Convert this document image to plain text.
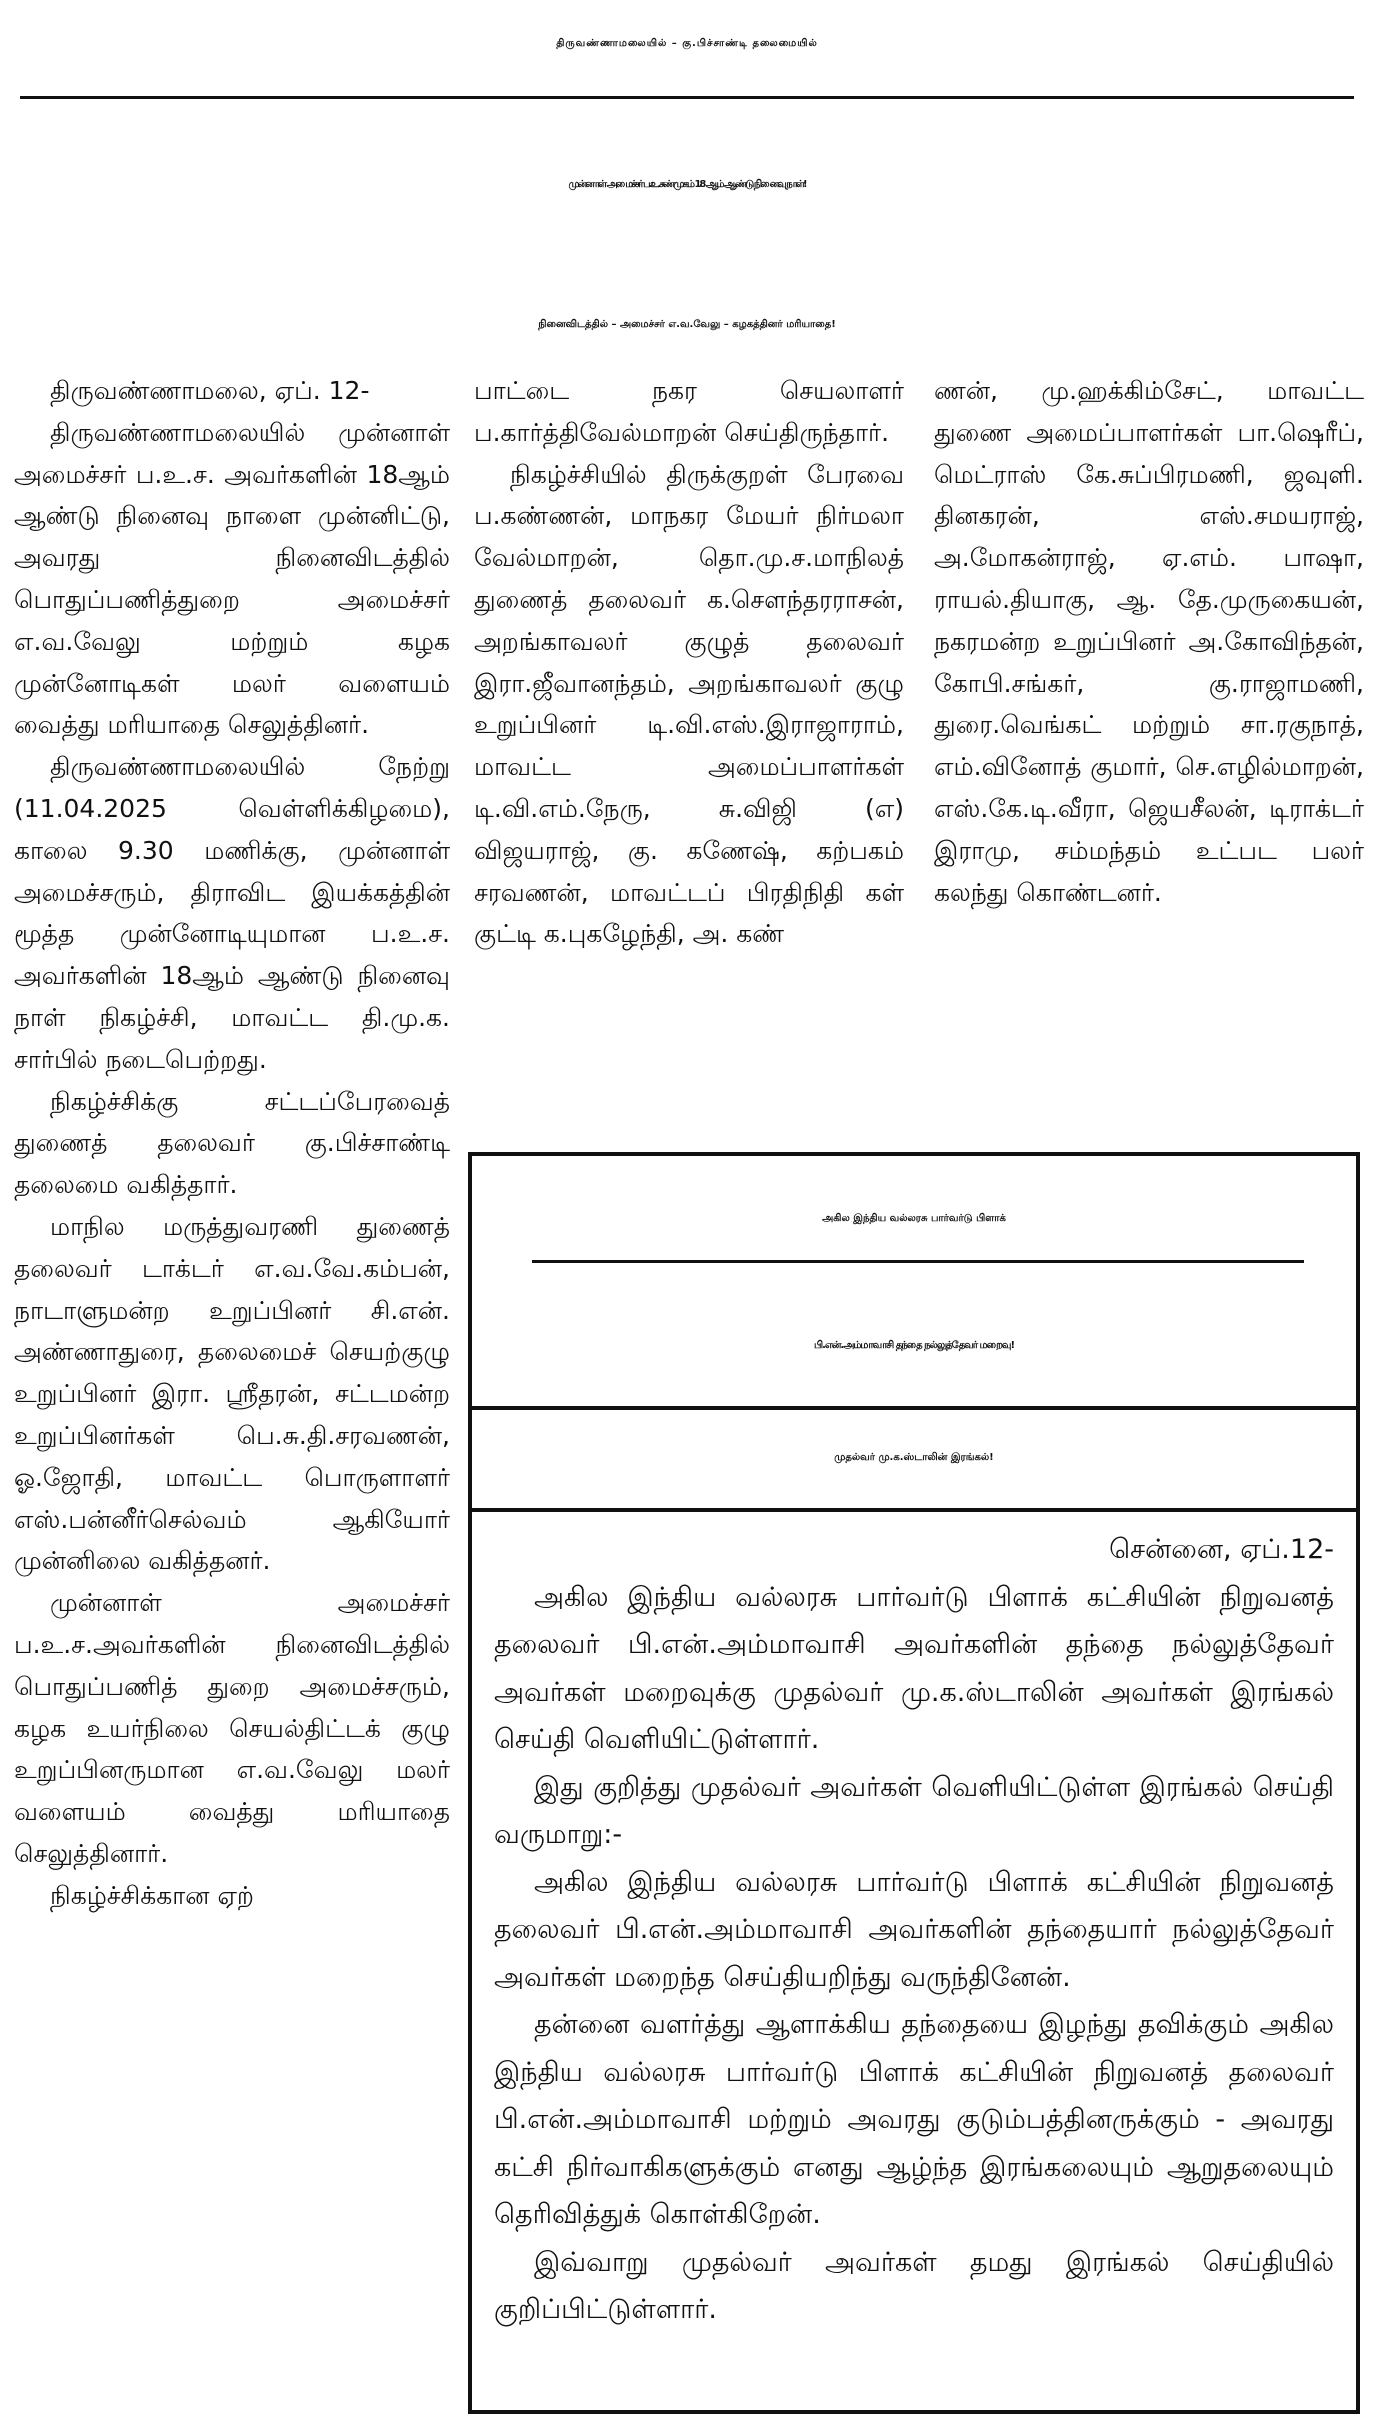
திருவண்ணாமலையில் – கு.பிச்சாண்டி தலைமையில்
முன்னாள் அமைச்சர் ப.உ.சண்முகம் 18 ஆம் ஆண்டு நினைவு நாள்!
நினைவிடத்தில் – அமைச்சர் எ.வ.வேலு – கழகத்தினர் மரியாதை!

திருவண்ணாமலை, ஏப். 12-

திருவண்ணாமலையில் முன்னாள் அமைச்சர் ப.உ.ச. அவர்களின் 18ஆம் ஆண்டு நினைவு நாளை முன்னிட்டு, அவரது நினைவிடத்தில் பொதுப்பணித்துறை அமைச்சர் எ.வ.வேலு மற்றும் கழக முன்னோடிகள் மலர் வளையம் வைத்து மரியாதை செலுத்தினர்.

திருவண்ணாமலையில் நேற்று (11.04.2025 வெள்ளிக்கிழமை), காலை 9.30 மணிக்கு, முன்னாள் அமைச்சரும், திராவிட இயக்கத்தின் மூத்த முன்னோடியுமான ப.உ.ச. அவர்களின் 18ஆம் ஆண்டு நினைவு நாள் நிகழ்ச்சி, மாவட்ட தி.மு.க. சார்பில் நடைபெற்றது.

நிகழ்ச்சிக்கு சட்டப்பேரவைத் துணைத் தலைவர் கு.பிச்சாண்டி தலைமை வகித்தார்.

மாநில மருத்துவரணி துணைத் தலைவர் டாக்டர் எ.வ.வே.கம்பன், நாடாளுமன்ற உறுப்பினர் சி.என். அண்ணாதுரை, தலைமைச் செயற்குழு உறுப்பினர் இரா. ஸ்ரீதரன், சட்டமன்ற உறுப்பினர்கள் பெ.சு.தி.சரவணன், ஓ.ஜோதி, மாவட்ட பொருளாளர் எஸ்.பன்னீர்செல்வம் ஆகியோர் முன்னிலை வகித்தனர்.

முன்னாள் அமைச்சர் ப.உ.ச.அவர்களின் நினைவிடத்தில் பொதுப்பணித் துறை அமைச்சரும், கழக உயர்நிலை செயல்திட்டக் குழு உறுப்பினருமான எ.வ.வேலு மலர் வளையம் வைத்து மரியாதை செலுத்தினார்.

நிகழ்ச்சிக்கான ஏற்

பாட்டை நகர செயலாளர் ப.கார்த்திவேல்மாறன் செய்திருந்தார்.

நிகழ்ச்சியில் திருக்குறள் பேரவை ப.கண்ணன், மாநகர மேயர் நிர்மலா வேல்மாறன், தொ.மு.ச.மாநிலத் துணைத் தலைவர் க.சௌந்தரராசன், அறங்காவலர் குழுத் தலைவர் இரா.ஜீவானந்தம், அறங்காவலர் குழு உறுப்பினர் டி.வி.எஸ்.இராஜாராம், மாவட்ட அமைப்பாளர்கள் டி.வி.எம்.நேரு, சு.விஜி (எ) விஜயராஜ், கு. கணேஷ், கற்பகம் சரவணன், மாவட்டப் பிரதிநிதி கள் குட்டி க.புகழேந்தி, அ. கண்

ணன், மு.ஹக்கிம்சேட், மாவட்ட துணை அமைப்பாளர்கள் பா.ஷெரீப், மெட்ராஸ் கே.சுப்பிரமணி, ஜவுளி. தினகரன், எஸ்.சமயராஜ், அ.மோகன்ராஜ், ஏ.எம். பாஷா, ராயல்.தியாகு, ஆ. தே.முருகையன், நகரமன்ற உறுப்பினர் அ.கோவிந்தன், கோபி.சங்கர், கு.ராஜாமணி, துரை.வெங்கட் மற்றும் சா.ரகுநாத், எம்.வினோத் குமார், செ.எழில்மாறன், எஸ்.கே.டி.வீரா, ஜெயசீலன், டிராக்டர் இராமு, சம்மந்தம் உட்பட பலர் கலந்து கொண்டனர்.

அகில இந்திய வல்லரசு பார்வர்டு பிளாக்
பி.என்.அம்மாவாசி தந்தை நல்லுத்தேவர் மறைவு!
முதல்வர் மு.க.ஸ்டாலின் இரங்கல்!

சென்னை, ஏப்.12-

அகில இந்திய வல்லரசு பார்வர்டு பிளாக் கட்சியின் நிறுவனத் தலைவர் பி.என்.அம்மாவாசி அவர்களின் தந்தை நல்லுத்தேவர் அவர்கள் மறைவுக்கு முதல்வர் மு.க.ஸ்டாலின் அவர்கள் இரங்கல் செய்தி வெளியிட்டுள்ளார்.

இது குறித்து முதல்வர் அவர்கள் வெளியிட்டுள்ள இரங்கல் செய்தி வருமாறு:-

அகில இந்திய வல்லரசு பார்வர்டு பிளாக் கட்சியின் நிறுவனத் தலைவர் பி.என்.அம்மாவாசி அவர்களின் தந்தையார் நல்லுத்தேவர் அவர்கள் மறைந்த செய்தியறிந்து வருந்தினேன்.

தன்னை வளர்த்து ஆளாக்கிய தந்தையை இழந்து தவிக்கும் அகில இந்திய வல்லரசு பார்வர்டு பிளாக் கட்சியின் நிறுவனத் தலைவர் பி.என்.அம்மாவாசி மற்றும் அவரது குடும்பத்தினருக்கும் - அவரது கட்சி நிர்வாகிகளுக்கும் எனது ஆழ்ந்த இரங்கலையும் ஆறுதலையும் தெரிவித்துக் கொள்கிறேன்.

இவ்வாறு முதல்வர் அவர்கள் தமது இரங்கல் செய்தியில் குறிப்பிட்டுள்ளார்.
